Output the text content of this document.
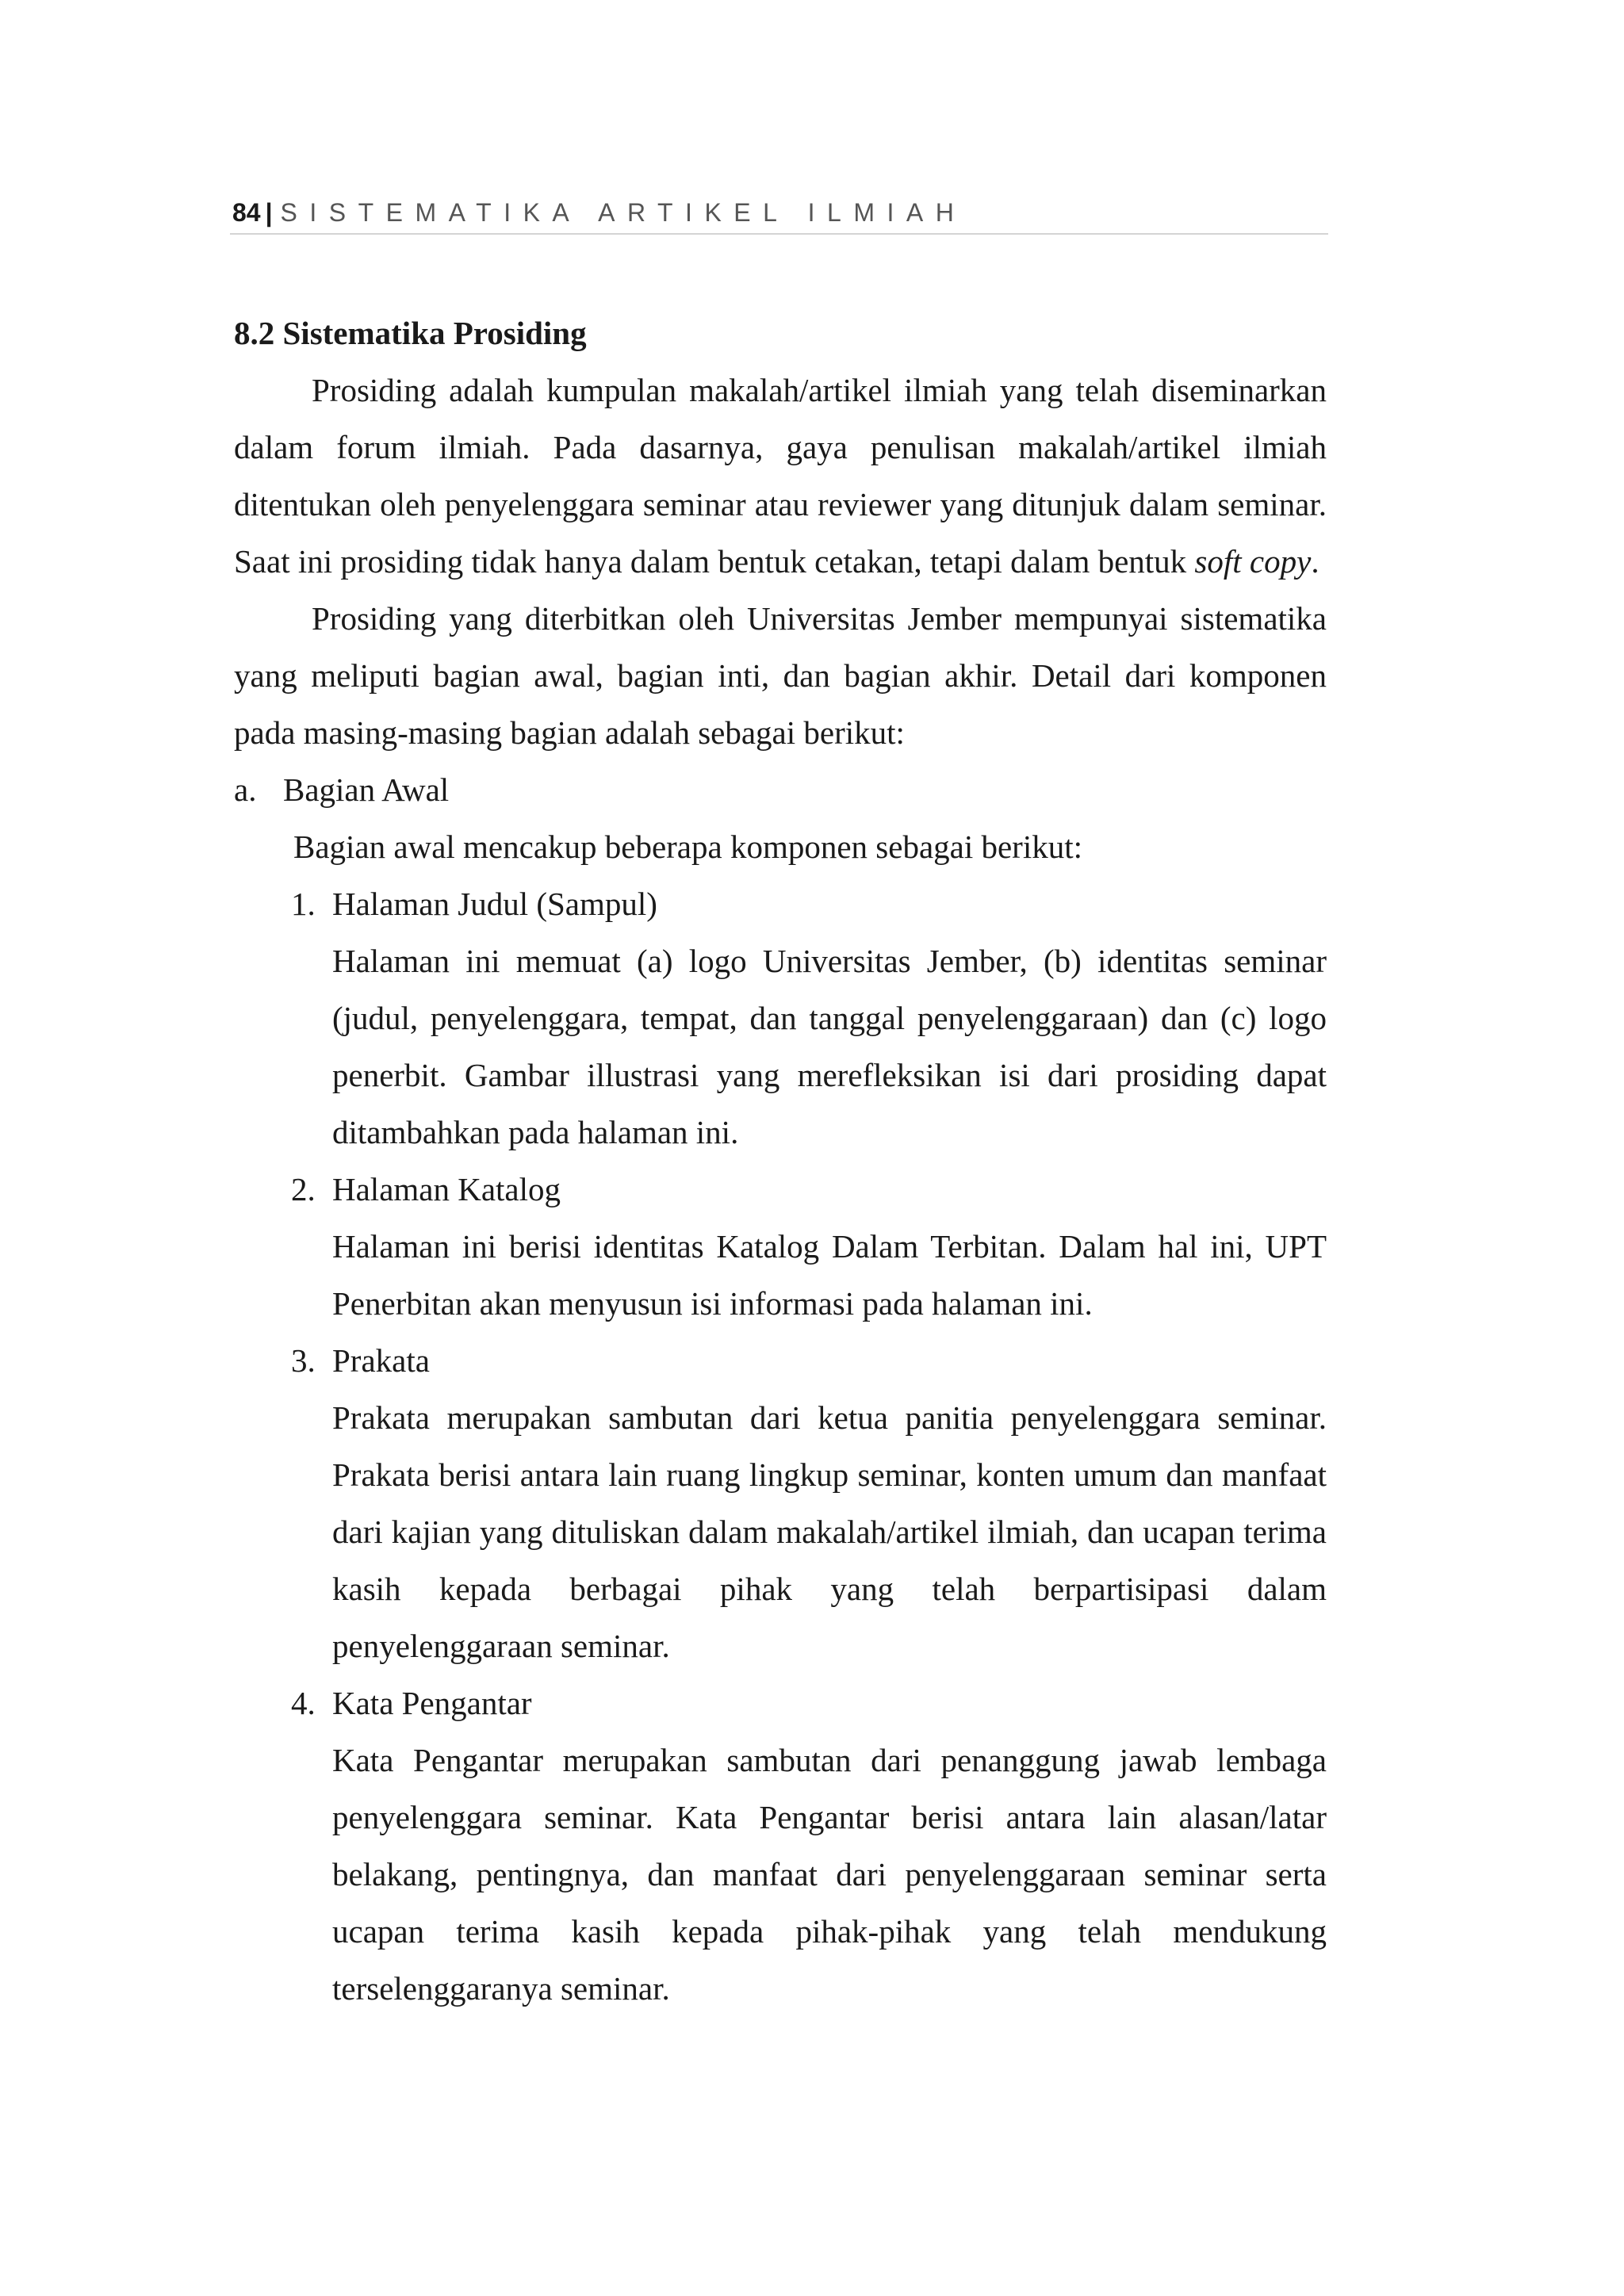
84 | SISTEMATIKA ARTIKEL ILMIAH
8.2 Sistematika Prosiding

Prosiding adalah kumpulan makalah/artikel ilmiah yang telah diseminarkan dalam forum ilmiah. Pada dasarnya, gaya penulisan makalah/artikel ilmiah ditentukan oleh penyelenggara seminar atau reviewer yang ditunjuk dalam seminar. Saat ini prosiding tidak hanya dalam bentuk cetakan, tetapi dalam bentuk soft copy.

Prosiding yang diterbitkan oleh Universitas Jember mempunyai sistematika yang meliputi bagian awal, bagian inti, dan bagian akhir. Detail dari komponen pada masing-masing bagian adalah sebagai berikut:

a. Bagian Awal

Bagian awal mencakup beberapa komponen sebagai berikut:

1. Halaman Judul (Sampul)

Halaman ini memuat (a) logo Universitas Jember, (b) identitas seminar (judul, penyelenggara, tempat, dan tanggal penyelenggaraan) dan (c) logo penerbit. Gambar illustrasi yang merefleksikan isi dari prosiding dapat ditambahkan pada halaman ini.

2. Halaman Katalog

Halaman ini berisi identitas Katalog Dalam Terbitan. Dalam hal ini, UPT Penerbitan akan menyusun isi informasi pada halaman ini.

3. Prakata

Prakata merupakan sambutan dari ketua panitia penyelenggara seminar. Prakata berisi antara lain ruang lingkup seminar, konten umum dan manfaat dari kajian yang dituliskan dalam makalah/artikel ilmiah, dan ucapan terima kasih kepada berbagai pihak yang telah berpartisipasi dalam penyelenggaraan seminar.

4. Kata Pengantar

Kata Pengantar merupakan sambutan dari penanggung jawab lembaga penyelenggara seminar. Kata Pengantar berisi antara lain alasan/latar belakang, pentingnya, dan manfaat dari penyelenggaraan seminar serta ucapan terima kasih kepada pihak-pihak yang telah mendukung terselenggaranya seminar.
